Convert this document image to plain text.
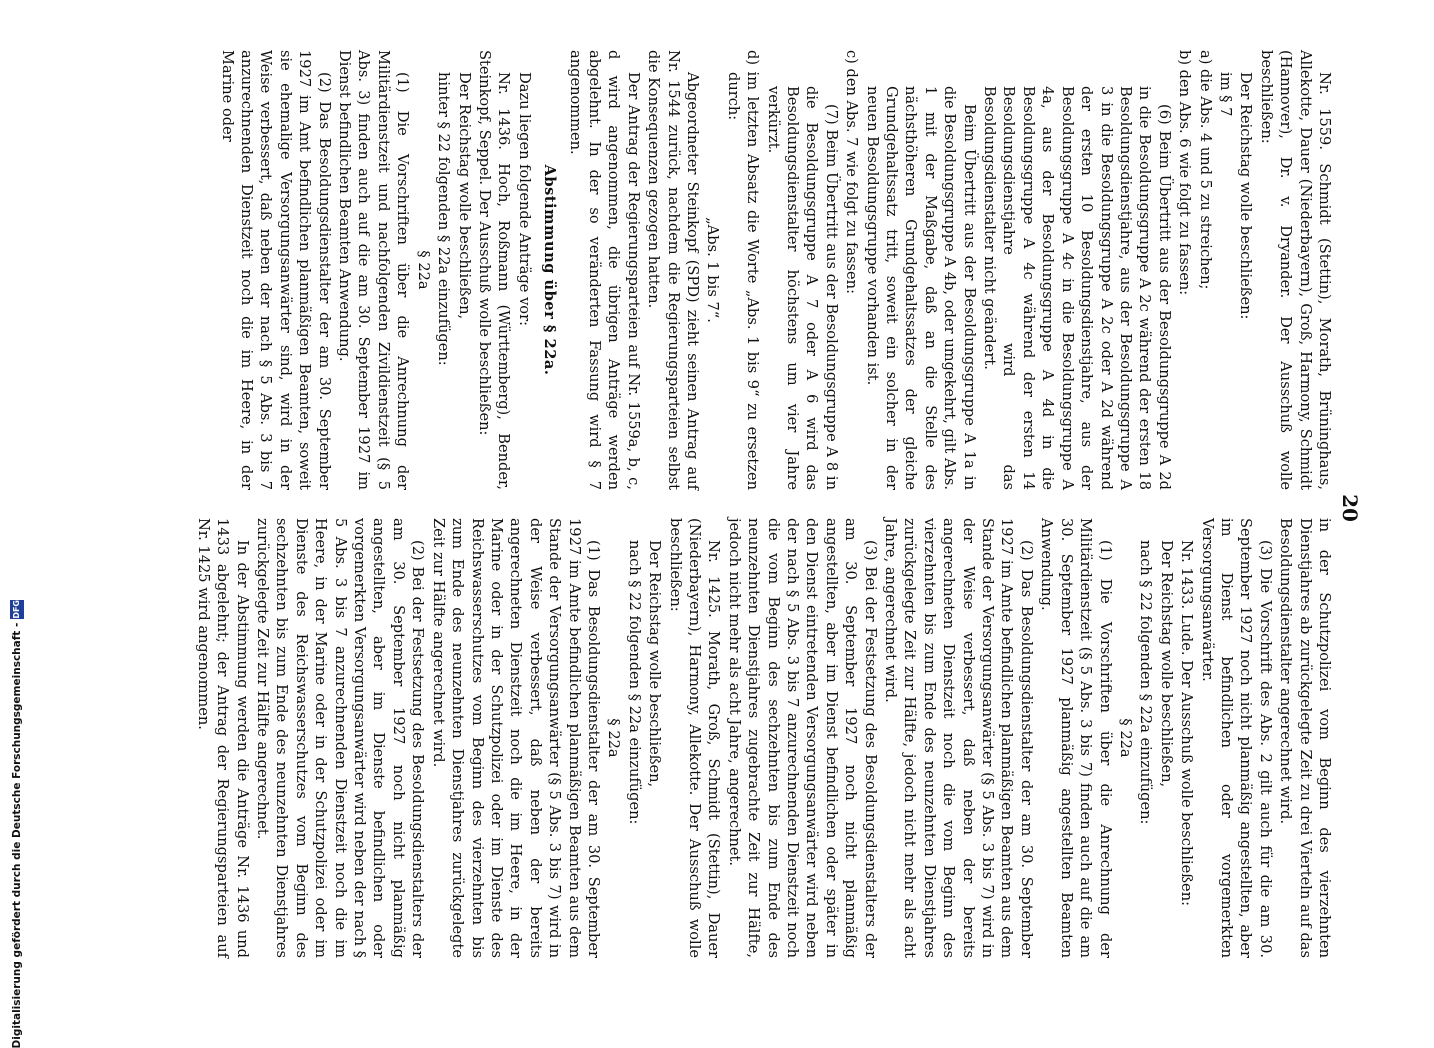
20

Nr. 1559. Schmidt (Stettin), Morath, Brüninghaus, Allekotte, Dauer (Niederbayern), Groß, Harmony, Schmidt (Hannover), Dr. v. Dryander. Der Ausschuß wolle beschließen:

Der Reichstag wolle beschließen:

im § 7

a) die Abs. 4 und 5 zu streichen;

b) den Abs. 6 wie folgt zu fassen:

(6) Beim Übertritt aus der Besoldungsgruppe A 2d in die Besoldungsgruppe A 2c während der ersten 18 Besoldungsdienstjahre, aus der Besoldungsgruppe A 3 in die Besoldungsgruppe A 2c oder A 2d während der ersten 10 Besoldungsdienstjahre, aus der Besoldungsgruppe A 4c in die Besoldungsgruppe A 4a, aus der Besoldungsgruppe A 4d in die Besoldungsgruppe A 4c während der ersten 14 Besoldungsdienstjahre wird das Besoldungsdienstalter nicht geändert.

Beim Übertritt aus der Besoldungsgruppe A 1a in die Besoldungsgruppe A 4b, oder umgekehrt, gilt Abs. 1 mit der Maßgabe, daß an die Stelle des nächsthöheren Grundgehaltssatzes der gleiche Grundgehaltssatz tritt, soweit ein solcher in der neuen Besoldungsgruppe vorhanden ist.

c) den Abs. 7 wie folgt zu fassen:

(7) Beim Übertritt aus der Besoldungsgruppe A 8 in die Besoldungsgruppe A 7 oder A 6 wird das Besoldungsdienstalter höchstens um vier Jahre verkürzt.

d) im letzten Absatz die Worte „Abs. 1 bis 9“ zu ersetzen durch:

„Abs. 1 bis 7“.

Abgeordneter Steinkopf (SPD) zieht seinen Antrag auf Nr. 1544 zurück, nachdem die Regierungsparteien selbst die Konsequenzen gezogen hatten.

Der Antrag der Regierungsparteien auf Nr. 1559a, b, c, d wird angenommen, die übrigen Anträge werden abgelehnt. In der so veränderten Fassung wird § 7 angenommen.

Abstimmung über § 22a.

Dazu liegen folgende Anträge vor:

Nr. 1436. Hoch, Roßmann (Württemberg), Bender, Steinkopf, Seppel. Der Ausschuß wolle beschließen:

Der Reichstag wolle beschließen,

hinter § 22 folgenden § 22a einzufügen:

§ 22a

(1) Die Vorschriften über die Anrechnung der Militärdienstzeit und nachfolgenden Zivildienstzeit (§ 5 Abs. 3) finden auch auf die am 30. September 1927 im Dienst befindlichen Beamten Anwendung.

(2) Das Besoldungsdienstalter der am 30. September 1927 im Amt befindlichen planmäßigen Beamten, soweit sie ehemalige Versorgungsanwärter sind, wird in der Weise verbessert, daß neben der nach § 5 Abs. 3 bis 7 anzurechnenden Dienstzeit noch die im Heere, in der Marine oder

in der Schutzpolizei vom Beginn des vierzehnten Dienstjahres ab zurückgelegte Zeit zu drei Vierteln auf das Besoldungsdienstalter angerechnet wird.

(3) Die Vorschrift des Abs. 2 gilt auch für die am 30. September 1927 noch nicht planmäßig angestellten, aber im Dienst befindlichen oder vorgemerkten Versorgungsanwärter.

Nr. 1433. Lude. Der Ausschuß wolle beschließen:

Der Reichstag wolle beschließen,

nach § 22 folgenden § 22a einzufügen:

§ 22a

(1) Die Vorschriften über die Anrechnung der Militärdienstzeit (§ 5 Abs. 3 bis 7) finden auch auf die am 30. September 1927 planmäßig angestellten Beamten Anwendung.

(2) Das Besoldungsdienstalter der am 30. September 1927 im Amte befindlichen planmäßigen Beamten aus dem Stande der Versorgungsanwärter (§ 5 Abs. 3 bis 7) wird in der Weise verbessert, daß neben der bereits angerechneten Dienstzeit noch die vom Beginn des vierzehnten bis zum Ende des neunzehnten Dienstjahres zurückgelegte Zeit zur Hälfte, jedoch nicht mehr als acht Jahre, angerechnet wird.

(3) Bei der Festsetzung des Besoldungsdienstalters der am 30. September 1927 noch nicht planmäßig angestellten, aber im Dienst befindlichen oder später in den Dienst eintretenden Versorgungsanwärter wird neben der nach § 5 Abs. 3 bis 7 anzurechnenden Dienstzeit noch die vom Beginn des sechzehnten bis zum Ende des neunzehnten Dienstjahres zugebrachte Zeit zur Hälfte, jedoch nicht mehr als acht Jahre, angerechnet.

Nr. 1425. Morath, Groß, Schmidt (Stettin), Dauer (Niederbayern), Harmony, Allekotte. Der Ausschuß wolle beschließen:

Der Reichstag wolle beschließen,

nach § 22 folgenden § 22a einzufügen:

§ 22a

(1) Das Besoldungsdienstalter der am 30. September 1927 im Amte befindlichen planmäßigen Beamten aus dem Stande der Versorgungsanwärter (§ 5 Abs. 3 bis 7) wird in der Weise verbessert, daß neben der bereits angerechneten Dienstzeit noch die im Heere, in der Marine oder in der Schutzpolizei oder im Dienste des Reichswasserschutzes vom Beginn des vierzehnten bis zum Ende des neunzehnten Dienstjahres zurückgelegte Zeit zur Hälfte angerechnet wird.

(2) Bei der Festsetzung des Besoldungsdienstalters der am 30. September 1927 noch nicht planmäßig angestellten, aber im Dienste befindlichen oder vorgemerkten Versorgungsanwärter wird neben der nach § 5 Abs. 3 bis 7 anzurechnenden Dienstzeit noch die im Heere, in der Marine oder in der Schutzpolizei oder im Dienste des Reichswasserschutzes vom Beginn des sechzehnten bis zum Ende des neunzehnten Dienstjahres zurückgelegte Zeit zur Hälfte angerechnet.

In der Abstimmung werden die Anträge Nr. 1436 und 1433 abgelehnt; der Antrag der Regierungsparteien auf Nr. 1425 wird angenommen.

Digitalisierung gefördert durch die Deutsche Forschungsgemeinschaft -
DFG
